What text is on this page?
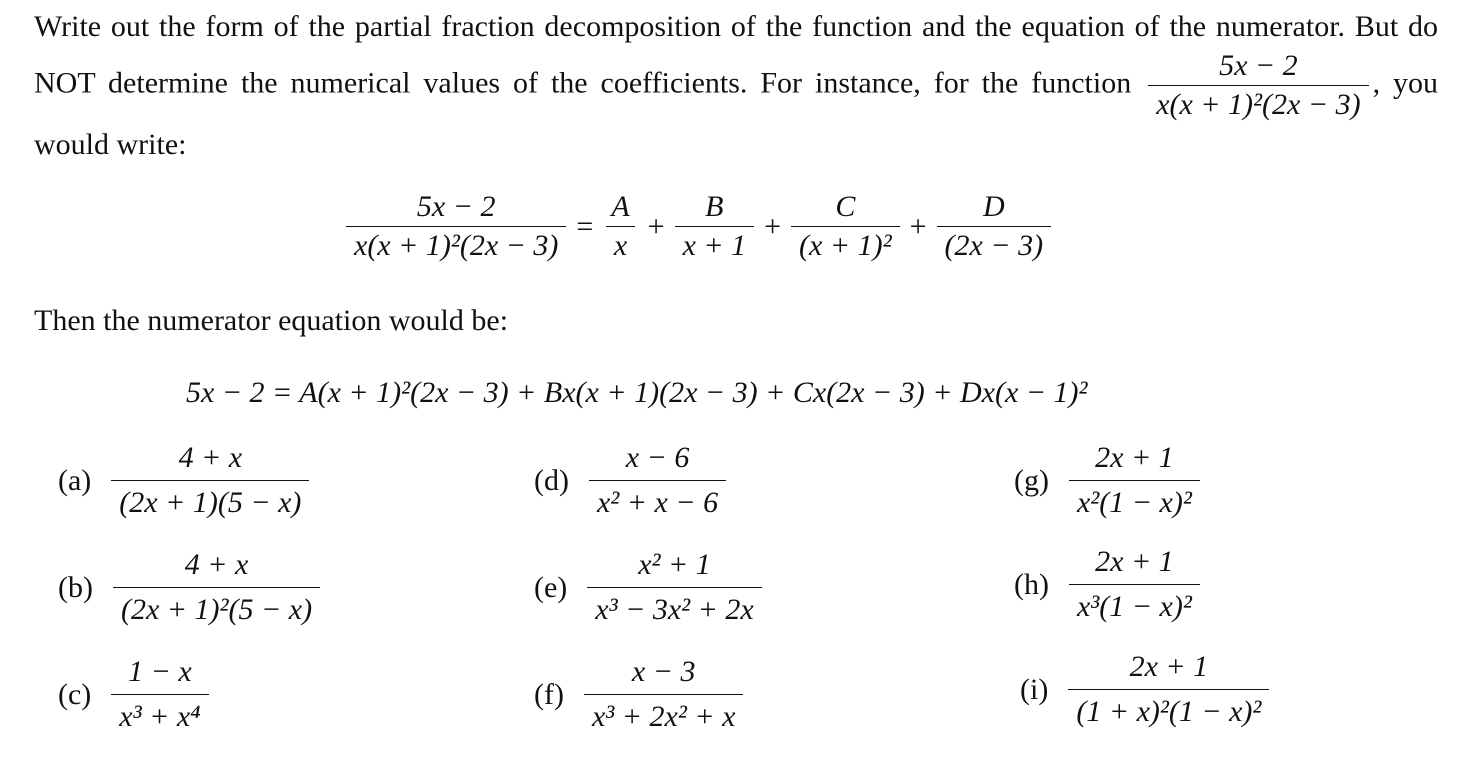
Write out the form of the partial fraction decomposition of the function and the equation of the numerator. But do NOT determine the numerical values of the coefficients. For instance, for the function $\frac{5x - 2}{\text{x(x + 1)²(2x − 3)}}$ , you would write:

$\frac{5x - 2}{\text{x(x + 1)²(2x − 3)}} = \frac{A}{x} + \frac{B}{x + 1} + \frac{C}{\text{(x + 1)²}} + \frac{D}{(2x - 3)}$
Then the numerator equation would be:
5x − 2 = A(x + 1)²(2x − 3) + Bx(x + 1)(2x − 3) + Cx(2x − 3) + Dx(x − 1)²
$(a) \frac{4 + x}{(2x + 1)(5 - x)}$
$(b) \frac{4 + x}{\text{(2x + 1)²(5 − x)}}$
$(c) \frac{1 - x}{\text{x³ + x⁴}}$
$(d) \frac{x - 6}{\text{x² + x − 6}}$
$(e) \frac{\text{x² + 1}}{\text{x³ − 3x² + 2x}}$
$(f) \frac{x - 3}{\text{x³ + 2x² + x}}$
$(g) \frac{2x + 1}{\text{x²(1 − x)²}}$
$(h) \frac{2x + 1}{\text{x³(1 − x)²}}$
$(i) \frac{2x + 1}{\text{(1 + x)²(1 − x)²}}$
